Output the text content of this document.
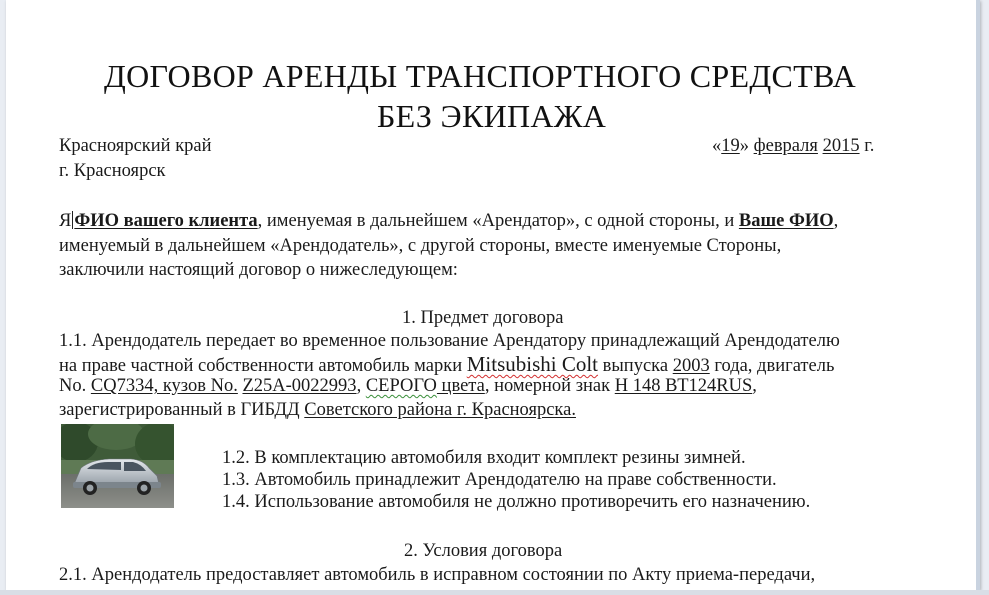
ДОГОВОР АРЕНДЫ ТРАНСПОРТНОГО СРЕДСТВА
БЕЗ ЭКИПАЖА
Красноярский край
г. Красноярск
«19» февраля 2015 г.
Я ФИО вашего клиента, именуемая в дальнейшем «Арендатор», с одной стороны, и Ваше ФИО,
именуемый в дальнейшем «Арендодатель», с другой стороны, вместе именуемые Стороны,
заключили настоящий договор о нижеследующем:
1. Предмет договора
1.1. Арендодатель передает во временное пользование Арендатору принадлежащий Арендодателю
на праве частной собственности автомобиль марки Mitsubishi Colt выпуска 2003 года, двигатель
No. CQ7334, кузов No. Z25A-0022993, СЕРОГО цвета, номерной знак Н 148 ВТ124RUS,
зарегистрированный в ГИБДД Советского района г. Красноярска.
1.2. В комплектацию автомобиля входит комплект резины зимней.
1.3. Автомобиль принадлежит Арендодателю на праве собственности.
1.4. Использование автомобиля не должно противоречить его назначению.
2. Условия договора
2.1. Арендодатель предоставляет автомобиль в исправном состоянии по Акту приема-передачи,
